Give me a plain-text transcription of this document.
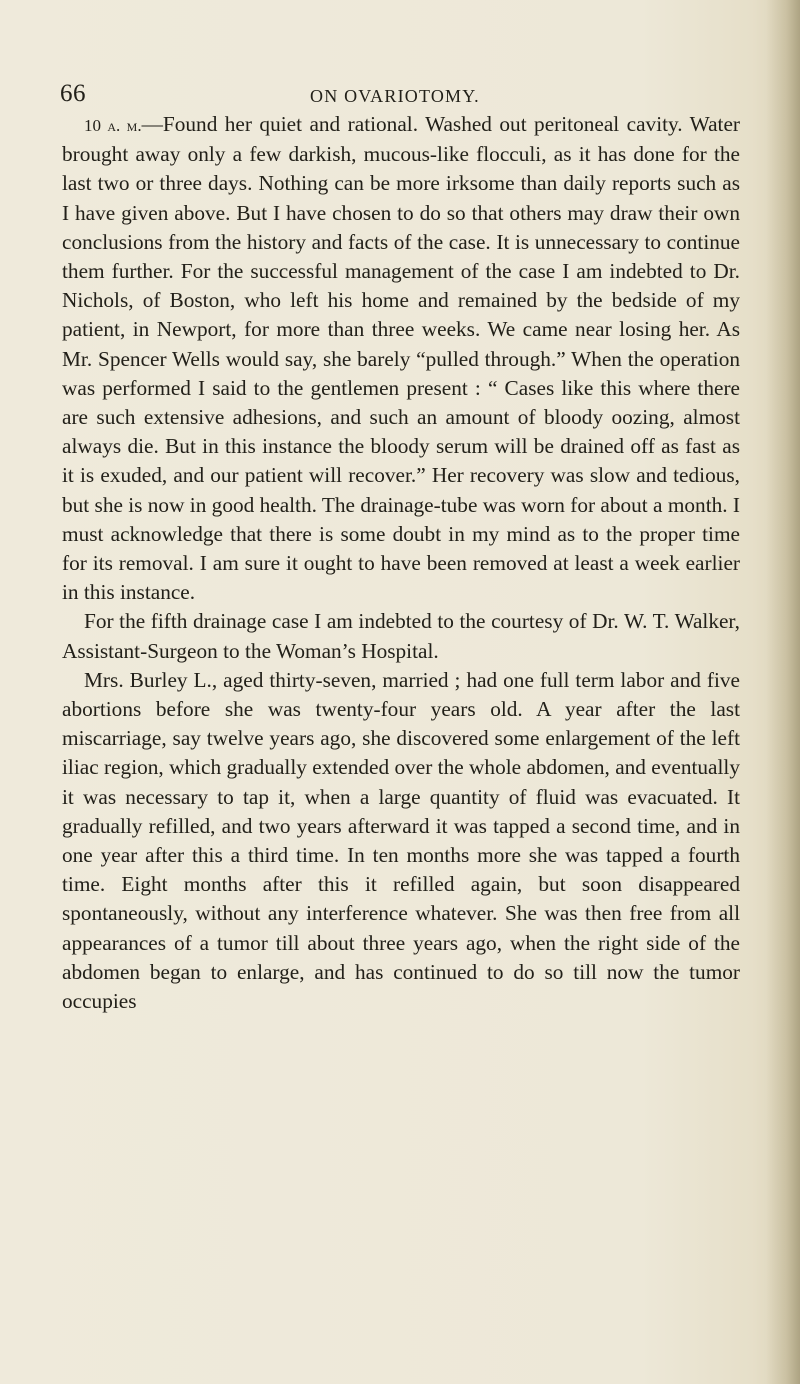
66	ON OVARIOTOMY.

10 a. m.—Found her quiet and rational. Washed out peritoneal cavity. Water brought away only a few darkish, mucous-like flocculi, as it has done for the last two or three days. Nothing can be more irksome than daily reports such as I have given above. But I have chosen to do so that others may draw their own conclusions from the history and facts of the case. It is unnecessary to continue them further. For the successful management of the case I am indebted to Dr. Nichols, of Boston, who left his home and remained by the bedside of my patient, in Newport, for more than three weeks. We came near losing her. As Mr. Spencer Wells would say, she barely “pulled through.” When the operation was performed I said to the gentlemen present : “ Cases like this where there are such extensive adhesions, and such an amount of bloody oozing, almost always die. But in this instance the bloody serum will be drained off as fast as it is exuded, and our patient will recover.” Her recovery was slow and tedious, but she is now in good health. The drainage-tube was worn for about a month. I must acknowledge that there is some doubt in my mind as to the proper time for its removal. I am sure it ought to have been removed at least a week earlier in this instance.

For the fifth drainage case I am indebted to the courtesy of Dr. W. T. Walker, Assistant-Surgeon to the Woman’s Hospital.

Mrs. Burley L., aged thirty-seven, married ; had one full term labor and five abortions before she was twenty-four years old. A year after the last miscarriage, say twelve years ago, she discovered some enlargement of the left iliac region, which gradually extended over the whole abdomen, and eventually it was necessary to tap it, when a large quantity of fluid was evacuated. It gradually refilled, and two years afterward it was tapped a second time, and in one year after this a third time. In ten months more she was tapped a fourth time. Eight months after this it refilled again, but soon disappeared spontaneously, without any interference whatever. She was then free from all appearances of a tumor till about three years ago, when the right side of the abdomen began to enlarge, and has continued to do so till now the tumor occupies
